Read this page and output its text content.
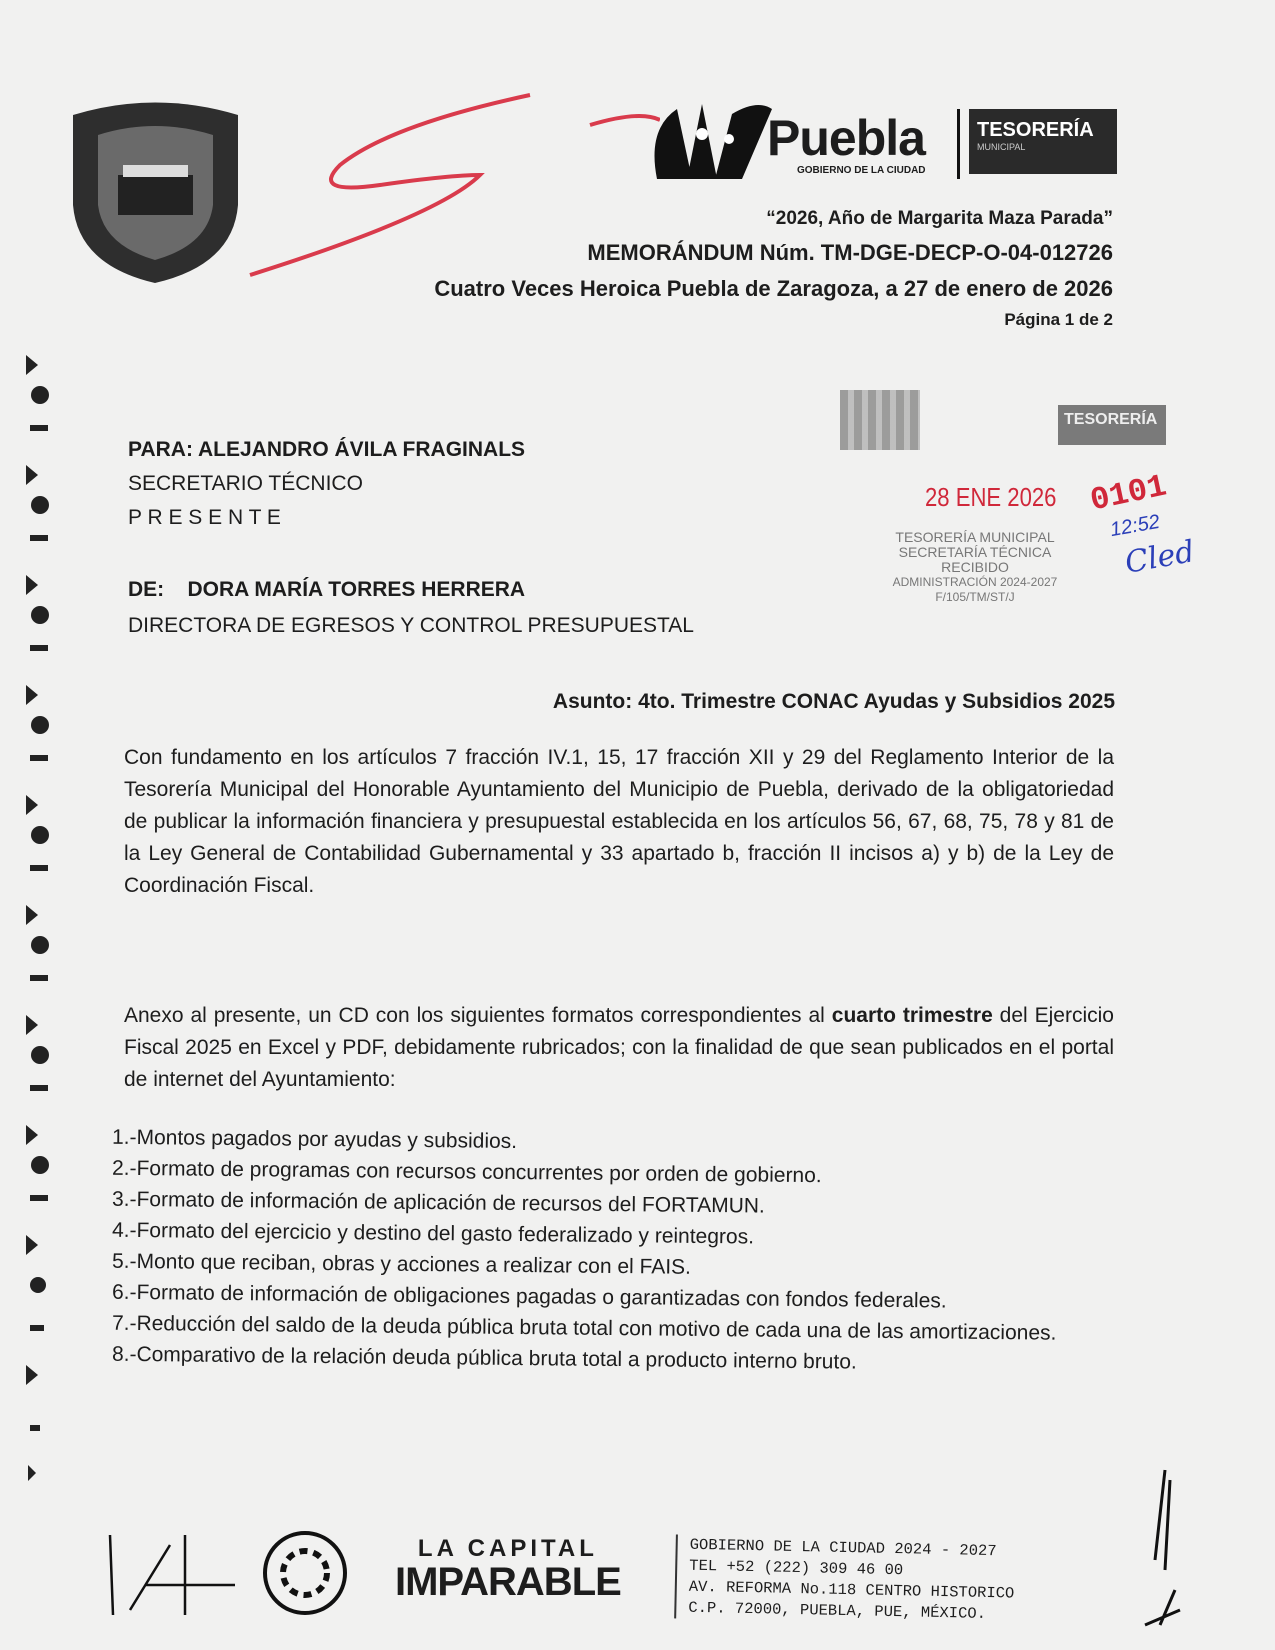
Puebla
GOBIERNO DE LA CIUDAD
TESORERÍA
MUNICIPAL
“2026, Año de Margarita Maza Parada”
MEMORÁNDUM Núm. TM-DGE-DECP-O-04-012726
Cuatro Veces Heroica Puebla de Zaragoza, a 27 de enero de 2026
Página 1 de 2
PARA: ALEJANDRO ÁVILA FRAGINALS
SECRETARIO TÉCNICO
P R E S E N T E
DE: DORA MARÍA TORRES HERRERA
DIRECTORA DE EGRESOS Y CONTROL PRESUPUESTAL
TESORERÍA
28 ENE 2026 0101
12:52
Cled
TESORERÍA MUNICIPAL
SECRETARÍA TÉCNICA
RECIBIDO
ADMINISTRACIÓN 2024-2027
F/105/TM/ST/J
Asunto: 4to. Trimestre CONAC Ayudas y Subsidios 2025
Con fundamento en los artículos 7 fracción IV.1, 15, 17 fracción XII y 29 del Reglamento Interior de la Tesorería Municipal del Honorable Ayuntamiento del Municipio de Puebla, derivado de la obligatoriedad de publicar la información financiera y presupuestal establecida en los artículos 56, 67, 68, 75, 78 y 81 de la Ley General de Contabilidad Gubernamental y 33 apartado b, fracción II incisos a) y b) de la Ley de Coordinación Fiscal.
Anexo al presente, un CD con los siguientes formatos correspondientes al cuarto trimestre del Ejercicio Fiscal 2025 en Excel y PDF, debidamente rubricados; con la finalidad de que sean publicados en el portal de internet del Ayuntamiento:
1.-Montos pagados por ayudas y subsidios.
2.-Formato de programas con recursos concurrentes por orden de gobierno.
3.-Formato de información de aplicación de recursos del FORTAMUN.
4.-Formato del ejercicio y destino del gasto federalizado y reintegros.
5.-Monto que reciban, obras y acciones a realizar con el FAIS.
6.-Formato de información de obligaciones pagadas o garantizadas con fondos federales.
7.-Reducción del saldo de la deuda pública bruta total con motivo de cada una de las amortizaciones.
8.-Comparativo de la relación deuda pública bruta total a producto interno bruto.
LA CAPITAL
IMPARABLE
GOBIERNO DE LA CIUDAD 2024 - 2027
TEL +52 (222) 309 46 00
AV. REFORMA No.118 CENTRO HISTORICO
C.P. 72000, PUEBLA, PUE, MÉXICO.
